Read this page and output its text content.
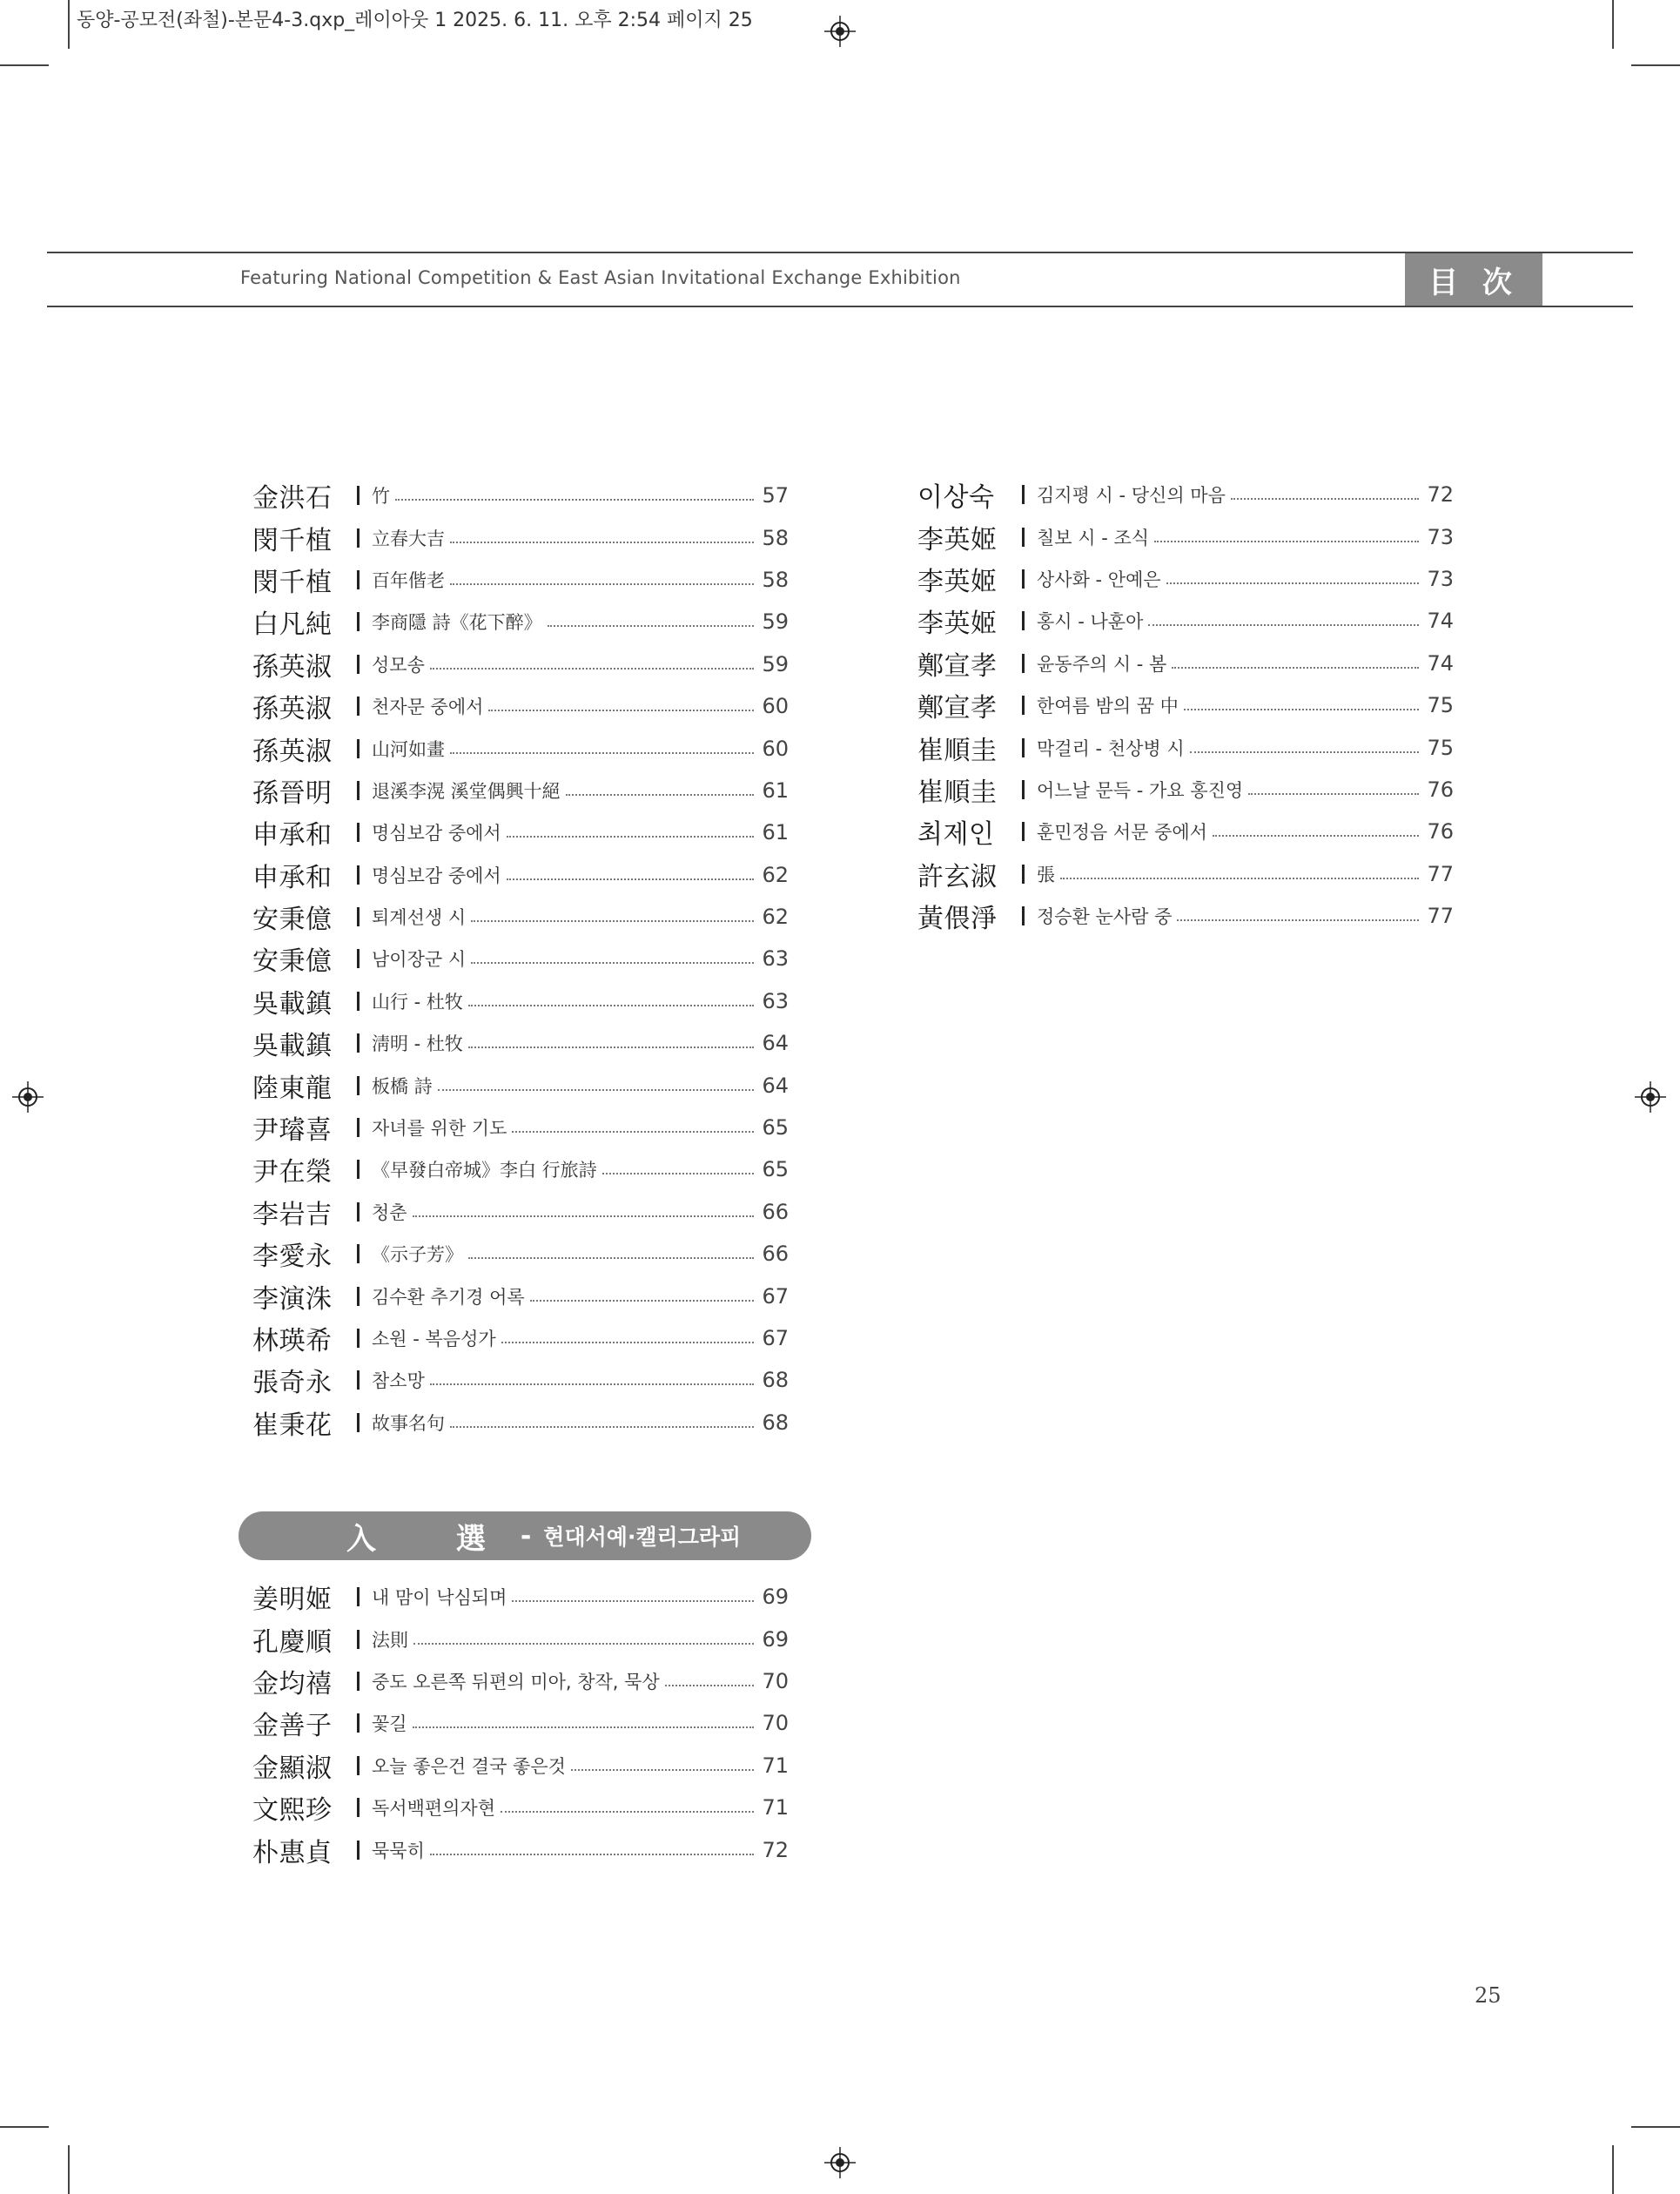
동양-공모전(좌철)-본문4-3.qxp_레이아웃 1 2025. 6. 11. 오후 2:54 페이지 25
Featuring National Competition & East Asian Invitational Exchange Exhibition	目 次
金洪石	竹	57
閔千植	立春大吉	58
閔千植	百年偕老	58
白凡純	李商隱 詩《花下醉》	59
孫英淑	성모송	59
孫英淑	천자문 중에서	60
孫英淑	山河如畫	60
孫晉明	退溪李滉 溪堂偶興十絕	61
申承和	명심보감 중에서	61
申承和	명심보감 중에서	62
安秉億	퇴계선생 시	62
安秉億	남이장군 시	63
吳載鎮	山行 - 杜牧	63
吳載鎮	淸明 - 杜牧	64
陸東龍	板橋 詩	64
尹璿喜	자녀를 위한 기도	65
尹在榮	《早發白帝城》李白 行旅詩	65
李岩吉	청춘	66
李愛永	《示子芳》	66
李演洙	김수환 추기경 어록	67
林瑛希	소원 - 복음성가	67
張奇永	참소망	68
崔秉花	故事名句	68
入 選 - 현대서예·캘리그라피
姜明姬	내 맘이 낙심되며	69
孔慶順	法則	69
金均禧	중도 오른쪽 뒤편의 미아, 창작, 묵상	70
金善子	꽃길	70
金顯淑	오늘 좋은건 결국 좋은것	71
文熙珍	독서백편의자현	71
朴惠貞	묵묵히	72
이상숙	김지평 시 - 당신의 마음	72
李英姬	칠보 시 - 조식	73
李英姬	상사화 - 안예은	73
李英姬	홍시 - 나훈아	74
鄭宣孝	윤동주의 시 - 봄	74
鄭宣孝	한여름 밤의 꿈 中	75
崔順圭	막걸리 - 천상병 시	75
崔順圭	어느날 문득 - 가요 홍진영	76
최제인	훈민정음 서문 중에서	76
許玄淑	張	77
黃偎淨	정승환 눈사람 중	77
25
